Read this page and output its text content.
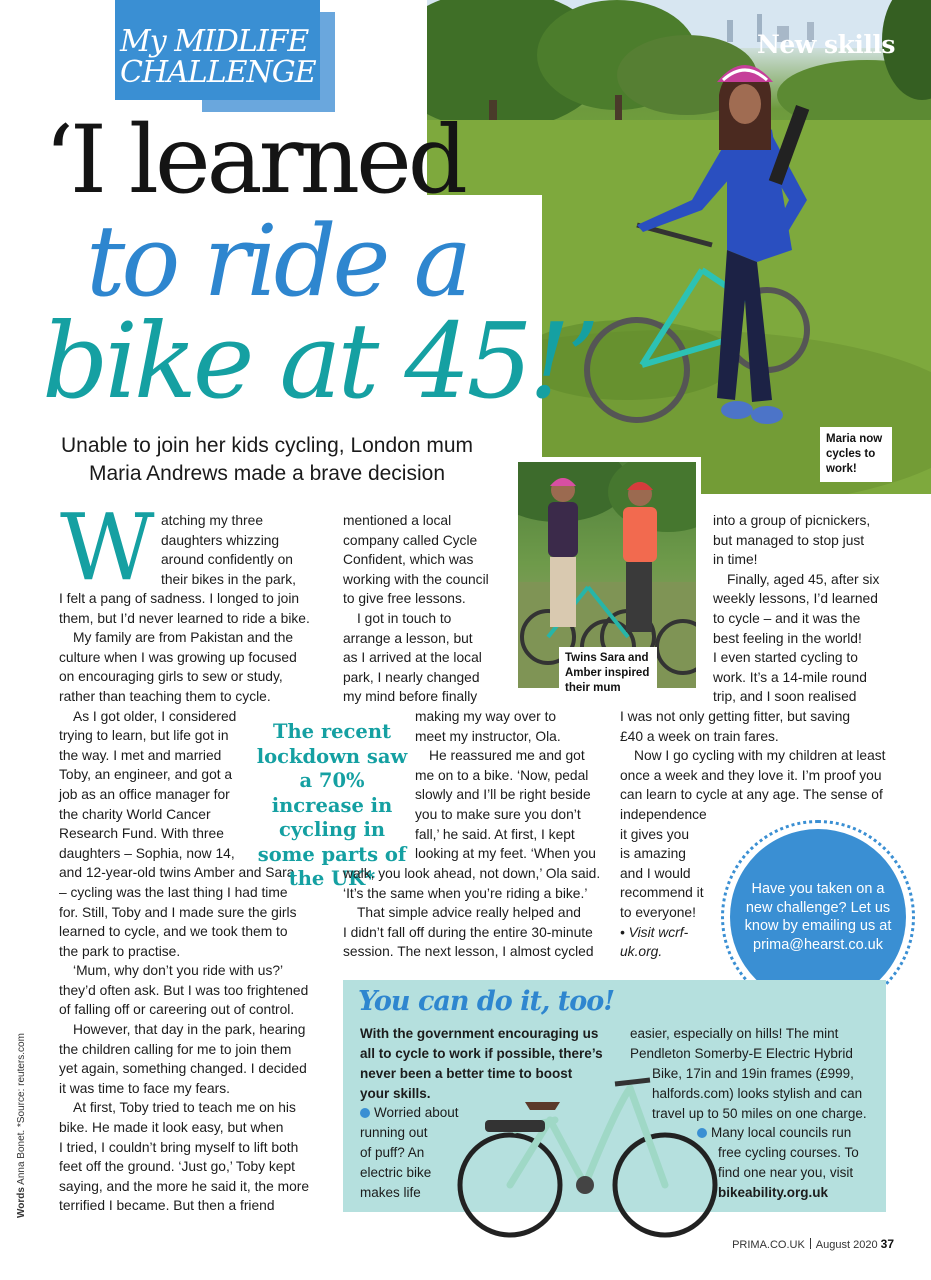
New skills
Maria now cycles to work!
My MIDLIFE
CHALLENGE
‘I learned
to ride a
bike at 45!’
Unable to join her kids cycling, London mum
Maria Andrews made a brave decision
Twins Sara and Amber inspired their mum
W atching my three

daughters whizzing

around confidently on

their bikes in the park,

I felt a pang of sadness. I longed to join

them, but I’d never learned to ride a bike.

My family are from Pakistan and the

culture when I was growing up focused

on encouraging girls to sew or study,

rather than teaching them to cycle.

As I got older, I considered

trying to learn, but life got in

the way. I met and married

Toby, an engineer, and got a

job as an office manager for

the charity World Cancer

Research Fund. With three

daughters – Sophia, now 14,

and 12-year-old twins Amber and Sara

– cycling was the last thing I had time

for. Still, Toby and I made sure the girls

learned to cycle, and we took them to

the park to practise.

‘Mum, why don’t you ride with us?’

they’d often ask. But I was too frightened

of falling off or careering out of control.

However, that day in the park, hearing

the children calling for me to join them

yet again, something changed. I decided

it was time to face my fears.

At first, Toby tried to teach me on his

bike. He made it look easy, but when

I tried, I couldn’t bring myself to lift both

feet off the ground. ‘Just go,’ Toby kept

saying, and the more he said it, the more

terrified I became. But then a friend

The recent lockdown saw a 70% increase in cycling in some parts of the UK*

mentioned a local

company called Cycle

Confident, which was

working with the council

to give free lessons.

I got in touch to

arrange a lesson, but

as I arrived at the local

park, I nearly changed

my mind before finally

making my way over to

meet my instructor, Ola.

He reassured me and got

me on to a bike. ‘Now, pedal

slowly and I’ll be right beside

you to make sure you don’t

fall,’ he said. At first, I kept

looking at my feet. ‘When you

walk, you look ahead, not down,’ Ola said.

‘It’s the same when you’re riding a bike.’

That simple advice really helped and

I didn’t fall off during the entire 30-minute

session. The next lesson, I almost cycled

into a group of picnickers,

but managed to stop just

in time!

Finally, aged 45, after six

weekly lessons, I’d learned

to cycle – and it was the

best feeling in the world!

I even started cycling to

work. It’s a 14-mile round

trip, and I soon realised

I was not only getting fitter, but saving

£40 a week on train fares.

Now I go cycling with my children at least

once a week and they love it. I’m proof you

can learn to cycle at any age. The sense of

independence

it gives you

is amazing

and I would

recommend it

to everyone!

• Visit wcrf-

uk.org.

Have you taken on a new challenge? Let us know by emailing us at prima@hearst.co.uk
You can do it, too!
With the government encouraging us
all to cycle to work if possible, there’s
never been a better time to boost
your skills.
Worried about
running out
of puff? An
electric bike
makes life
easier, especially on hills! The mint
Pendleton Somerby-E Electric Hybrid
Bike, 17in and 19in frames (£999,
halfords.com) looks stylish and can
travel up to 50 miles on one charge.
Many local councils run
free cycling courses. To
find one near you, visit
bikeability.org.uk
Words Anna Bonet. *Source: reuters.com
PRIMA.CO.UK August 2020 37
